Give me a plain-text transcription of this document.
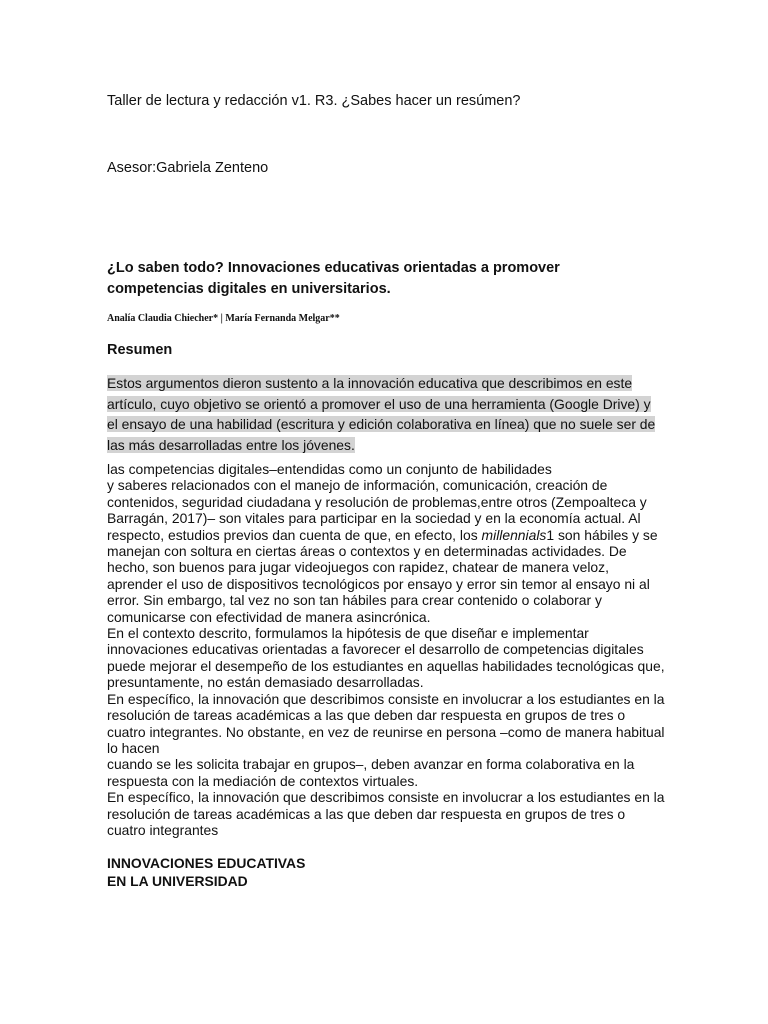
Taller de lectura y redacción v1. R3. ¿Sabes hacer un resúmen?
Asesor:Gabriela Zenteno
¿Lo saben todo? Innovaciones educativas orientadas a promover
competencias digitales en universitarios.
Analía Claudia Chiecher* | María Fernanda Melgar**
Resumen
Estos argumentos dieron sustento a la innovación educativa que describimos en este
artículo, cuyo objetivo se orientó a promover el uso de una herramienta (Google Drive) y
el ensayo de una habilidad (escritura y edición colaborativa en línea) que no suele ser de
las más desarrolladas entre los jóvenes.
las competencias digitales–entendidas como un conjunto de habilidades
y saberes relacionados con el manejo de información, comunicación, creación de
contenidos, seguridad ciudadana y resolución de problemas,entre otros (Zempoalteca y
Barragán, 2017)– son vitales para participar en la sociedad y en la economía actual. Al
respecto, estudios previos dan cuenta de que, en efecto, los millennials1 son hábiles y se
manejan con soltura en ciertas áreas o contextos y en determinadas actividades. De
hecho, son buenos para jugar videojuegos con rapidez, chatear de manera veloz,
aprender el uso de dispositivos tecnológicos por ensayo y error sin temor al ensayo ni al
error. Sin embargo, tal vez no son tan hábiles para crear contenido o colaborar y
comunicarse con efectividad de manera asincrónica.
En el contexto descrito, formulamos la hipótesis de que diseñar e implementar
innovaciones educativas orientadas a favorecer el desarrollo de competencias digitales
puede mejorar el desempeño de los estudiantes en aquellas habilidades tecnológicas que,
presuntamente, no están demasiado desarrolladas.
En específico, la innovación que describimos consiste en involucrar a los estudiantes en la
resolución de tareas académicas a las que deben dar respuesta en grupos de tres o
cuatro integrantes. No obstante, en vez de reunirse en persona –como de manera habitual
lo hacen
cuando se les solicita trabajar en grupos–, deben avanzar en forma colaborativa en la
respuesta con la mediación de contextos virtuales.
En específico, la innovación que describimos consiste en involucrar a los estudiantes en la
resolución de tareas académicas a las que deben dar respuesta en grupos de tres o
cuatro integrantes
INNOVACIONES EDUCATIVAS
EN LA UNIVERSIDAD
